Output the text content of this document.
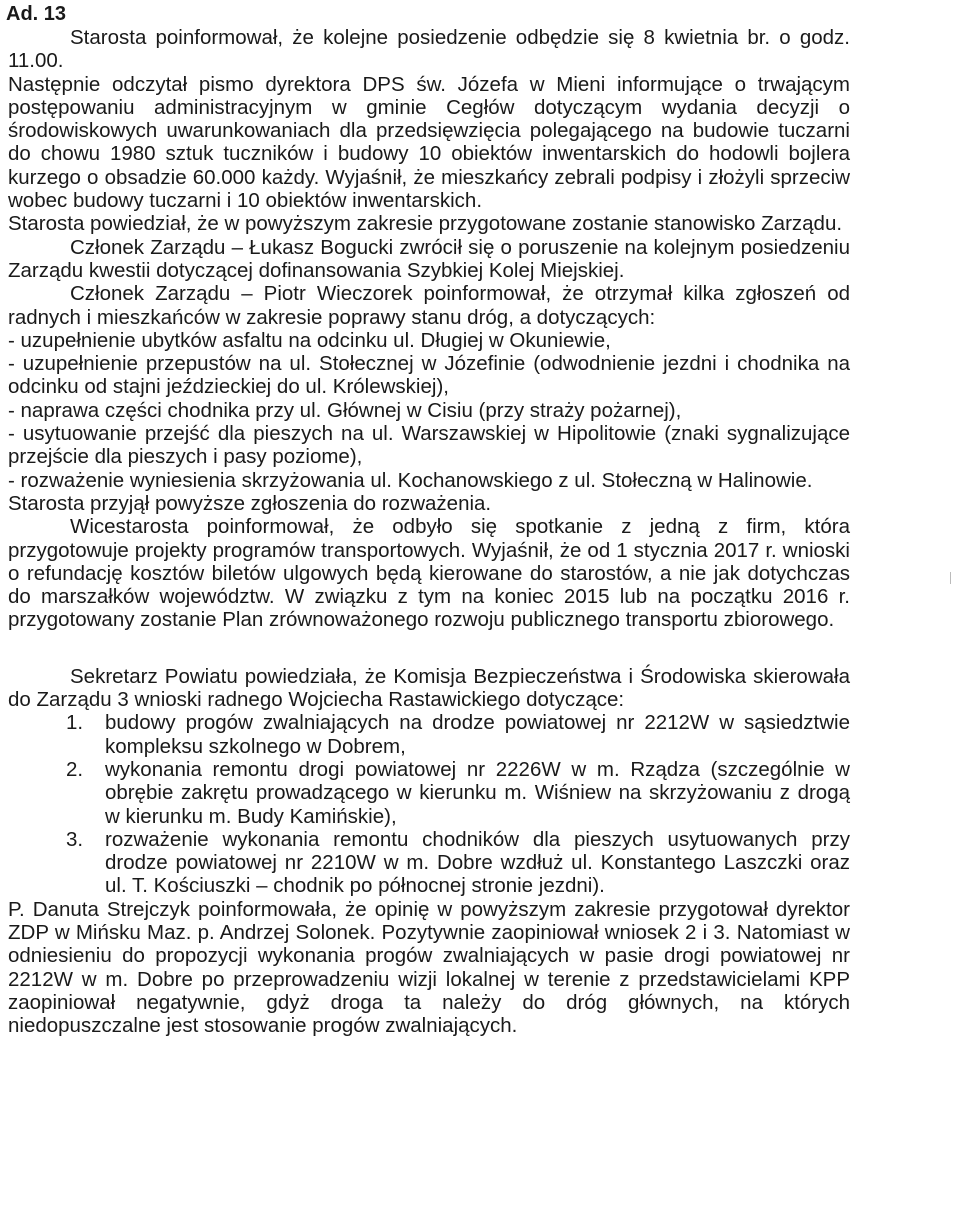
Ad. 13

Starosta poinformował, że kolejne posiedzenie odbędzie się 8 kwietnia br. o godz. 11.00.

Następnie odczytał pismo dyrektora DPS św. Józefa w Mieni informujące o trwającym postępowaniu administracyjnym w gminie Cegłów dotyczącym wydania decyzji o środowiskowych uwarunkowaniach dla przedsięwzięcia polegającego na budowie tuczarni do chowu 1980 sztuk tuczników i budowy 10 obiektów inwentarskich do hodowli bojlera kurzego o obsadzie 60.000 każdy. Wyjaśnił, że mieszkańcy zebrali podpisy i złożyli sprzeciw wobec budowy tuczarni i 10 obiektów inwentarskich.

Starosta powiedział, że w powyższym zakresie przygotowane zostanie stanowisko Zarządu.

Członek Zarządu – Łukasz Bogucki zwrócił się o poruszenie na kolejnym posiedzeniu Zarządu kwestii dotyczącej dofinansowania Szybkiej Kolej Miejskiej.

Członek Zarządu – Piotr Wieczorek poinformował, że otrzymał kilka zgłoszeń od radnych i mieszkańców w zakresie poprawy stanu dróg, a dotyczących:

- uzupełnienie ubytków asfaltu na odcinku ul. Długiej w Okuniewie,

- uzupełnienie przepustów na ul. Stołecznej w Józefinie (odwodnienie jezdni i chodnika na odcinku od stajni jeździeckiej do ul. Królewskiej),

- naprawa części chodnika przy ul. Głównej w Cisiu (przy straży pożarnej),

- usytuowanie przejść dla pieszych na ul. Warszawskiej w Hipolitowie (znaki sygnalizujące przejście dla pieszych i pasy poziome),

- rozważenie wyniesienia skrzyżowania ul. Kochanowskiego z ul. Stołeczną w Halinowie.

Starosta przyjął powyższe zgłoszenia do rozważenia.

Wicestarosta poinformował, że odbyło się spotkanie z jedną z firm, która przygotowuje projekty programów transportowych. Wyjaśnił, że od 1 stycznia 2017 r. wnioski o refundację kosztów biletów ulgowych będą kierowane do starostów, a nie jak dotychczas do marszałków województw. W związku z tym na koniec 2015 lub na początku 2016 r. przygotowany zostanie Plan zrównoważonego rozwoju publicznego transportu zbiorowego.

Sekretarz Powiatu powiedziała, że Komisja Bezpieczeństwa i Środowiska skierowała do Zarządu 3 wnioski radnego Wojciecha Rastawickiego dotyczące:

1. budowy progów zwalniających na drodze powiatowej nr 2212W w sąsiedztwie kompleksu szkolnego w Dobrem,
2. wykonania remontu drogi powiatowej nr 2226W w m. Rządza (szczególnie w obrębie zakrętu prowadzącego w kierunku m. Wiśniew na skrzyżowaniu z drogą w kierunku m. Budy Kamińskie),
3. rozważenie wykonania remontu chodników dla pieszych usytuowanych przy drodze powiatowej nr 2210W w m. Dobre wzdłuż ul. Konstantego Laszczki oraz ul. T. Kościuszki – chodnik po północnej stronie jezdni).

P. Danuta Strejczyk poinformowała, że opinię w powyższym zakresie przygotował dyrektor ZDP w Mińsku Maz. p. Andrzej Solonek. Pozytywnie zaopiniował wniosek 2 i 3. Natomiast w odniesieniu do propozycji wykonania progów zwalniających w pasie drogi powiatowej nr 2212W w m. Dobre po przeprowadzeniu wizji lokalnej w terenie z przedstawicielami KPP zaopiniował negatywnie, gdyż droga ta należy do dróg głównych, na których niedopuszczalne jest stosowanie progów zwalniających.
